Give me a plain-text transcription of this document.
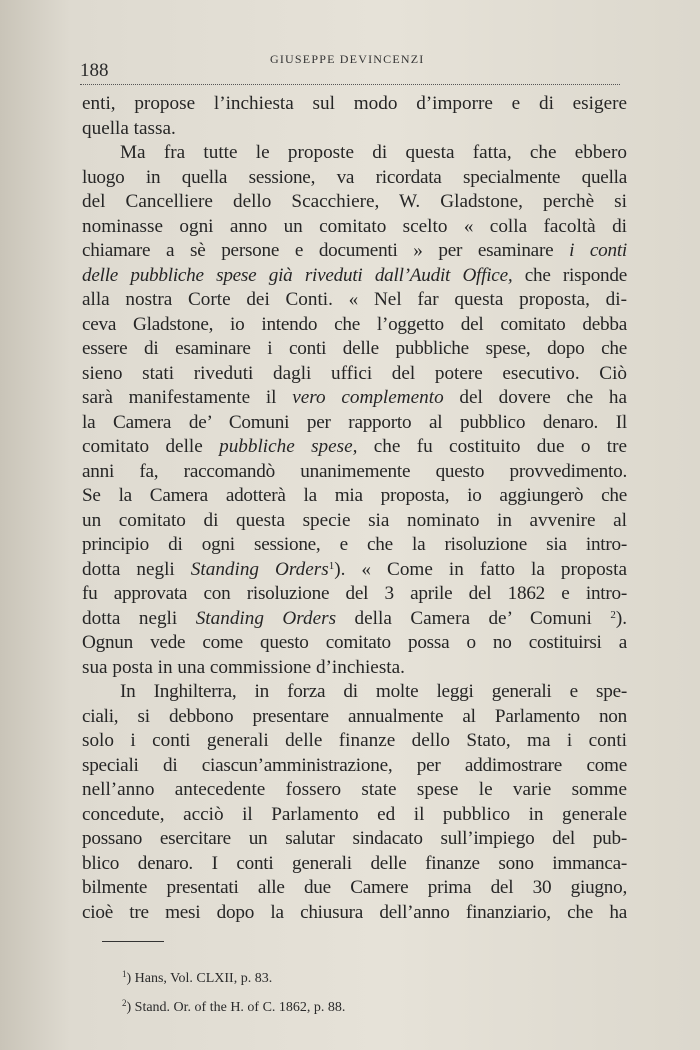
188
GIUSEPPE DEVINCENZI
enti, propose l’inchiesta sul modo d’imporre e di esigere
quella tassa.
Ma fra tutte le proposte di questa fatta, che ebbero
luogo in quella sessione, va ricordata specialmente quella
del Cancelliere dello Scacchiere, W. Gladstone, perchè si
nominasse ogni anno un comitato scelto « colla facoltà di
chiamare a sè persone e documenti » per esaminare i conti
delle pubbliche spese già riveduti dall’Audit Office, che risponde
alla nostra Corte dei Conti. « Nel far questa proposta, di-
ceva Gladstone, io intendo che l’oggetto del comitato debba
essere di esaminare i conti delle pubbliche spese, dopo che
sieno stati riveduti dagli uffici del potere esecutivo. Ciò
sarà manifestamente il vero complemento del dovere che ha
la Camera de’ Comuni per rapporto al pubblico denaro. Il
comitato delle pubbliche spese, che fu costituito due o tre
anni fa, raccomandò unanimemente questo provvedimento.
Se la Camera adotterà la mia proposta, io aggiungerò che
un comitato di questa specie sia nominato in avvenire al
principio di ogni sessione, e che la risoluzione sia intro-
dotta negli Standing Orders$^1$). « Come in fatto la proposta
fu approvata con risoluzione del 3 aprile del 1862 e intro-
dotta negli Standing Orders della Camera de’ Comuni $^2$).
Ognun vede come questo comitato possa o no costituirsi a
sua posta in una commissione d’inchiesta.
In Inghilterra, in forza di molte leggi generali e spe-
ciali, si debbono presentare annualmente al Parlamento non
solo i conti generali delle finanze dello Stato, ma i conti
speciali di ciascun’amministrazione, per addimostrare come
nell’anno antecedente fossero state spese le varie somme
concedute, acciò il Parlamento ed il pubblico in generale
possano esercitare un salutar sindacato sull’impiego del pub-
blico denaro. I conti generali delle finanze sono immanca-
bilmente presentati alle due Camere prima del 30 giugno,
cioè tre mesi dopo la chiusura dell’anno finanziario, che ha
$^1$) Hans, Vol. CLXII, p. 83.
$^2$) Stand. Or. of the H. of C. 1862, p. 88.
